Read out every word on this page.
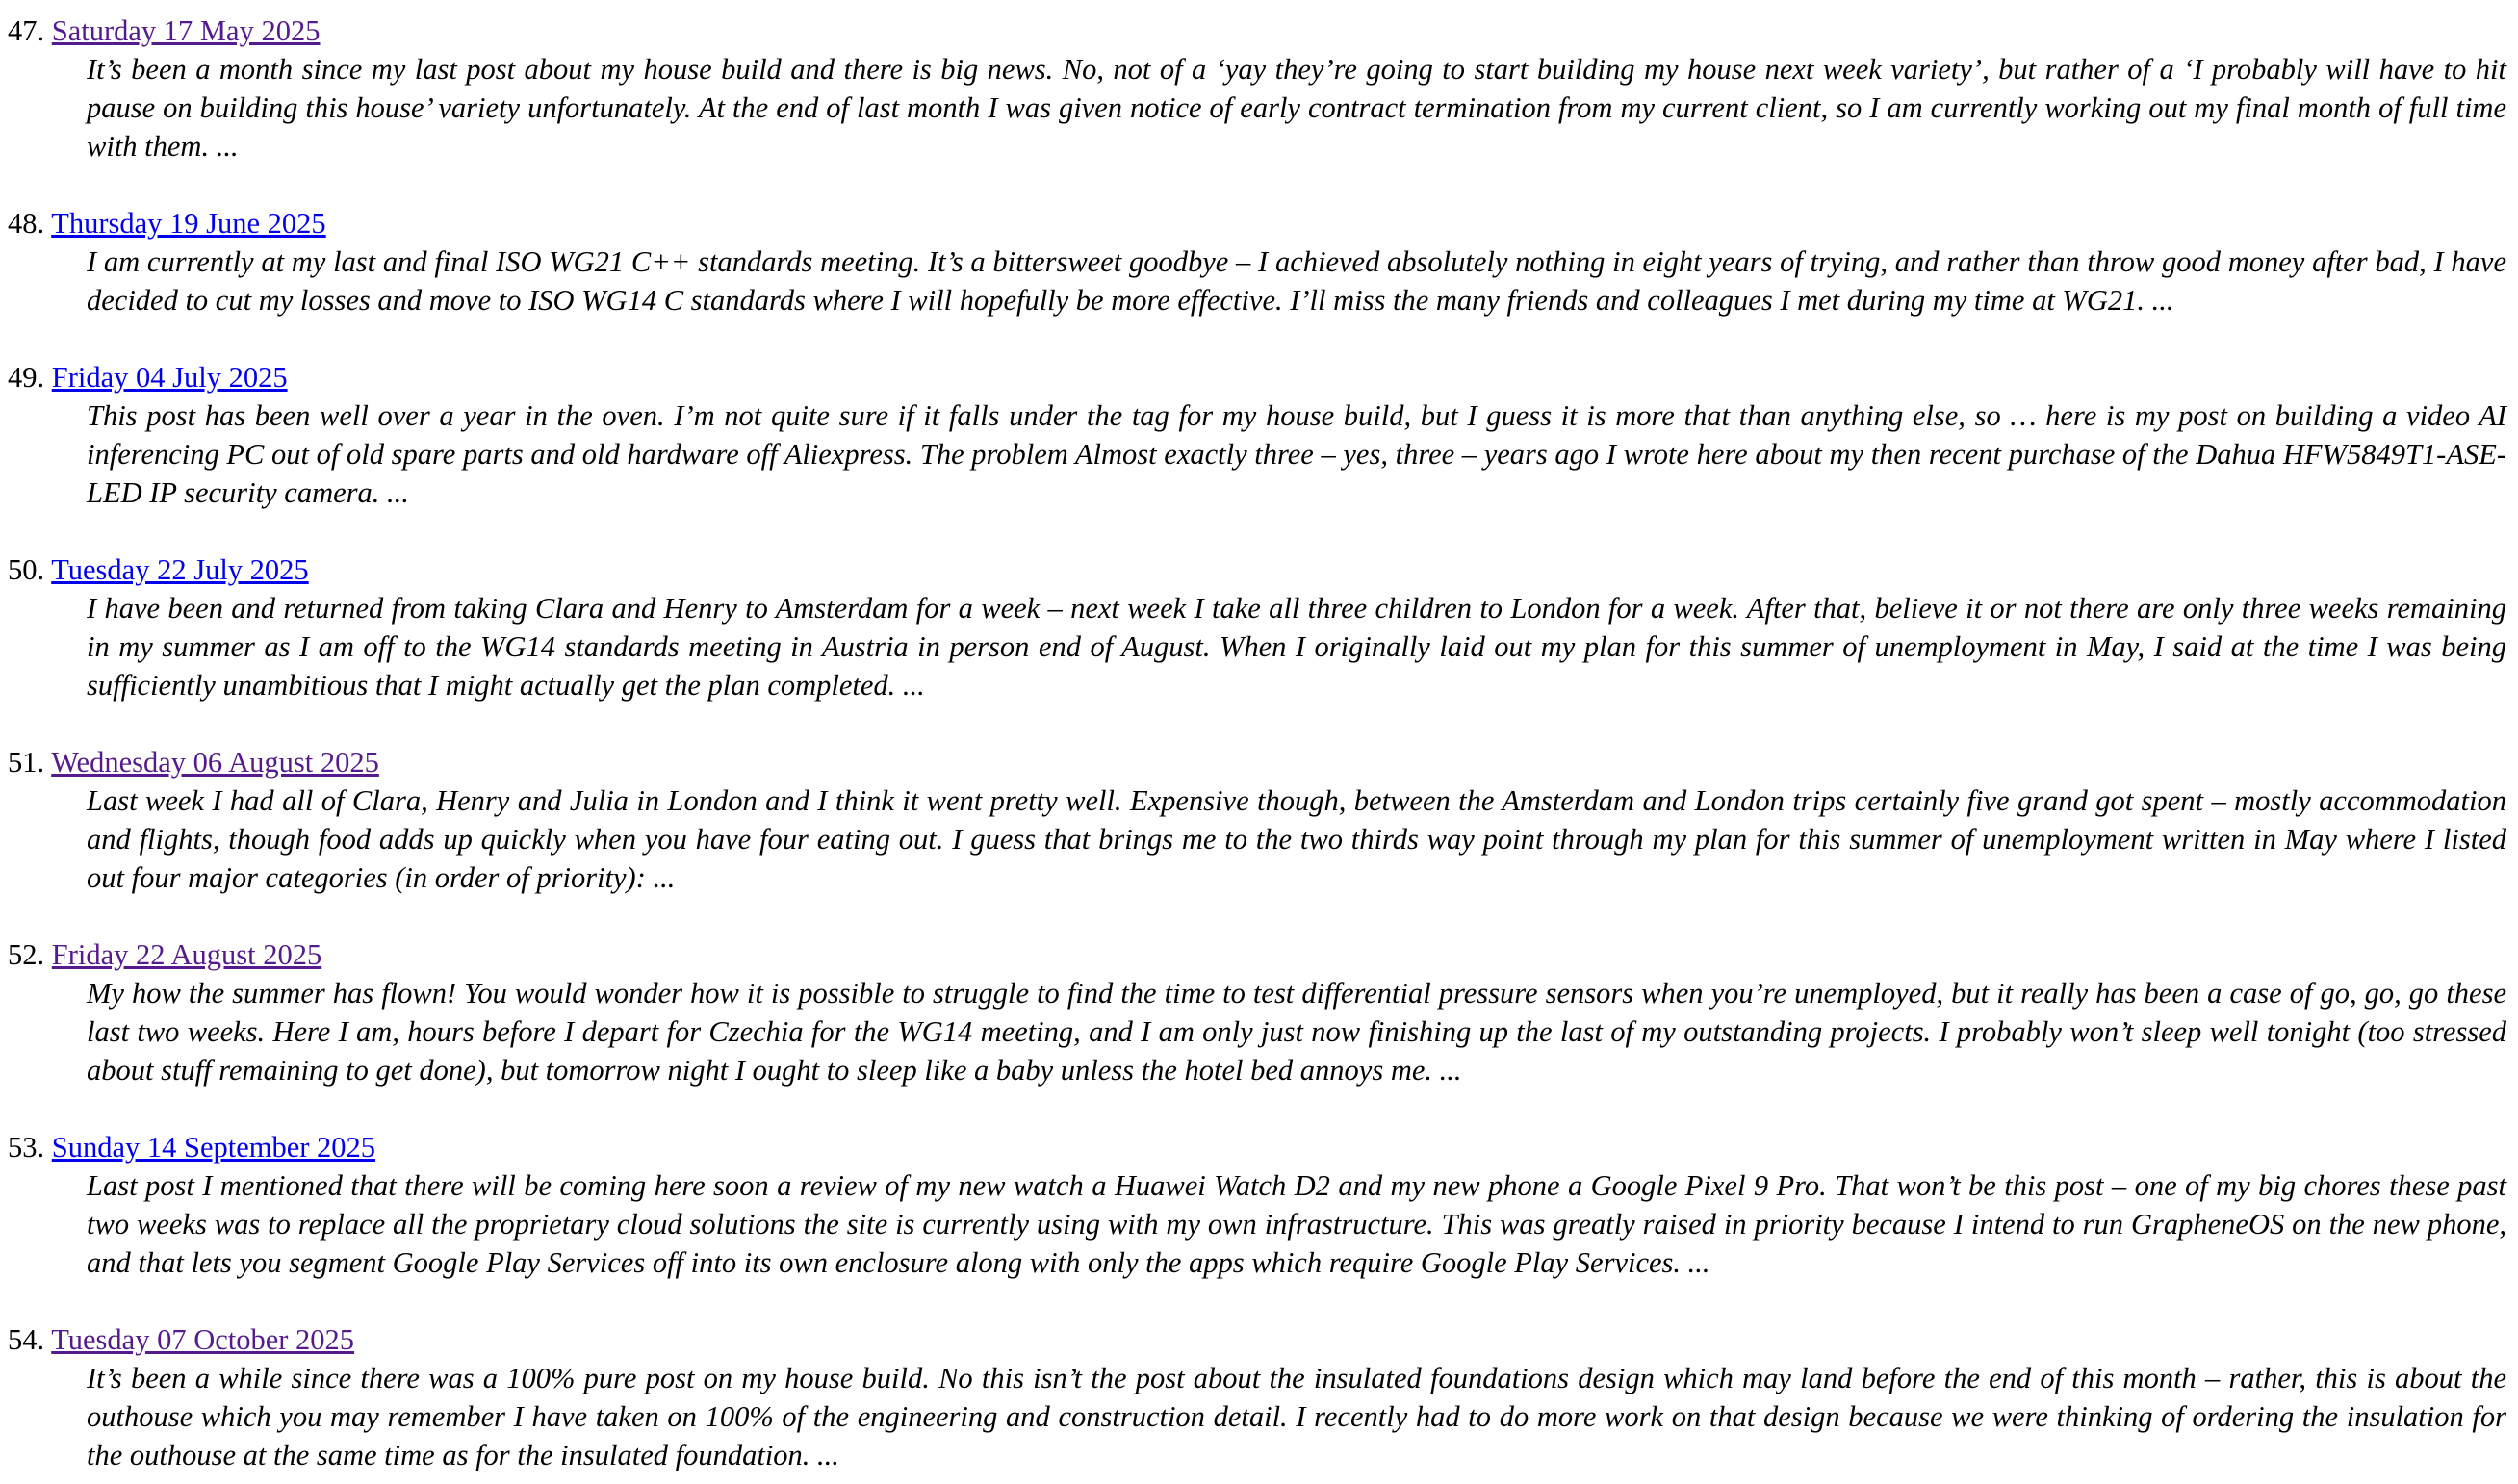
47. Saturday 17 May 2025
It’s been a month since my last post about my house build and there is big news. No, not of a ‘yay they’re going to start building my house next week variety’, but rather of a ‘I probably will have to hit pause on building this house’ variety unfortunately. At the end of last month I was given notice of early contract termination from my current client, so I am currently working out my final month of full time with them. ...
48. Thursday 19 June 2025
I am currently at my last and final ISO WG21 C++ standards meeting. It’s a bittersweet goodbye – I achieved absolutely nothing in eight years of trying, and rather than throw good money after bad, I have decided to cut my losses and move to ISO WG14 C standards where I will hopefully be more effective. I’ll miss the many friends and colleagues I met during my time at WG21. ...
49. Friday 04 July 2025
This post has been well over a year in the oven. I’m not quite sure if it falls under the tag for my house build, but I guess it is more that than anything else, so … here is my post on building a video AI inferencing PC out of old spare parts and old hardware off Aliexpress. The problem Almost exactly three – yes, three – years ago I wrote here about my then recent purchase of the Dahua HFW5849T1-ASE-LED IP security camera. ...
50. Tuesday 22 July 2025
I have been and returned from taking Clara and Henry to Amsterdam for a week – next week I take all three children to London for a week. After that, believe it or not there are only three weeks remaining in my summer as I am off to the WG14 standards meeting in Austria in person end of August. When I originally laid out my plan for this summer of unemployment in May, I said at the time I was being sufficiently unambitious that I might actually get the plan completed. ...
51. Wednesday 06 August 2025
Last week I had all of Clara, Henry and Julia in London and I think it went pretty well. Expensive though, between the Amsterdam and London trips certainly five grand got spent – mostly accommodation and flights, though food adds up quickly when you have four eating out. I guess that brings me to the two thirds way point through my plan for this summer of unemployment written in May where I listed out four major categories (in order of priority): ...
52. Friday 22 August 2025
My how the summer has flown! You would wonder how it is possible to struggle to find the time to test differential pressure sensors when you’re unemployed, but it really has been a case of go, go, go these last two weeks. Here I am, hours before I depart for Czechia for the WG14 meeting, and I am only just now finishing up the last of my outstanding projects. I probably won’t sleep well tonight (too stressed about stuff remaining to get done), but tomorrow night I ought to sleep like a baby unless the hotel bed annoys me. ...
53. Sunday 14 September 2025
Last post I mentioned that there will be coming here soon a review of my new watch a Huawei Watch D2 and my new phone a Google Pixel 9 Pro. That won’t be this post – one of my big chores these past two weeks was to replace all the proprietary cloud solutions the site is currently using with my own infrastructure. This was greatly raised in priority because I intend to run GrapheneOS on the new phone, and that lets you segment Google Play Services off into its own enclosure along with only the apps which require Google Play Services. ...
54. Tuesday 07 October 2025
It’s been a while since there was a 100% pure post on my house build. No this isn’t the post about the insulated foundations design which may land before the end of this month – rather, this is about the outhouse which you may remember I have taken on 100% of the engineering and construction detail. I recently had to do more work on that design because we were thinking of ordering the insulation for the outhouse at the same time as for the insulated foundation. ...
